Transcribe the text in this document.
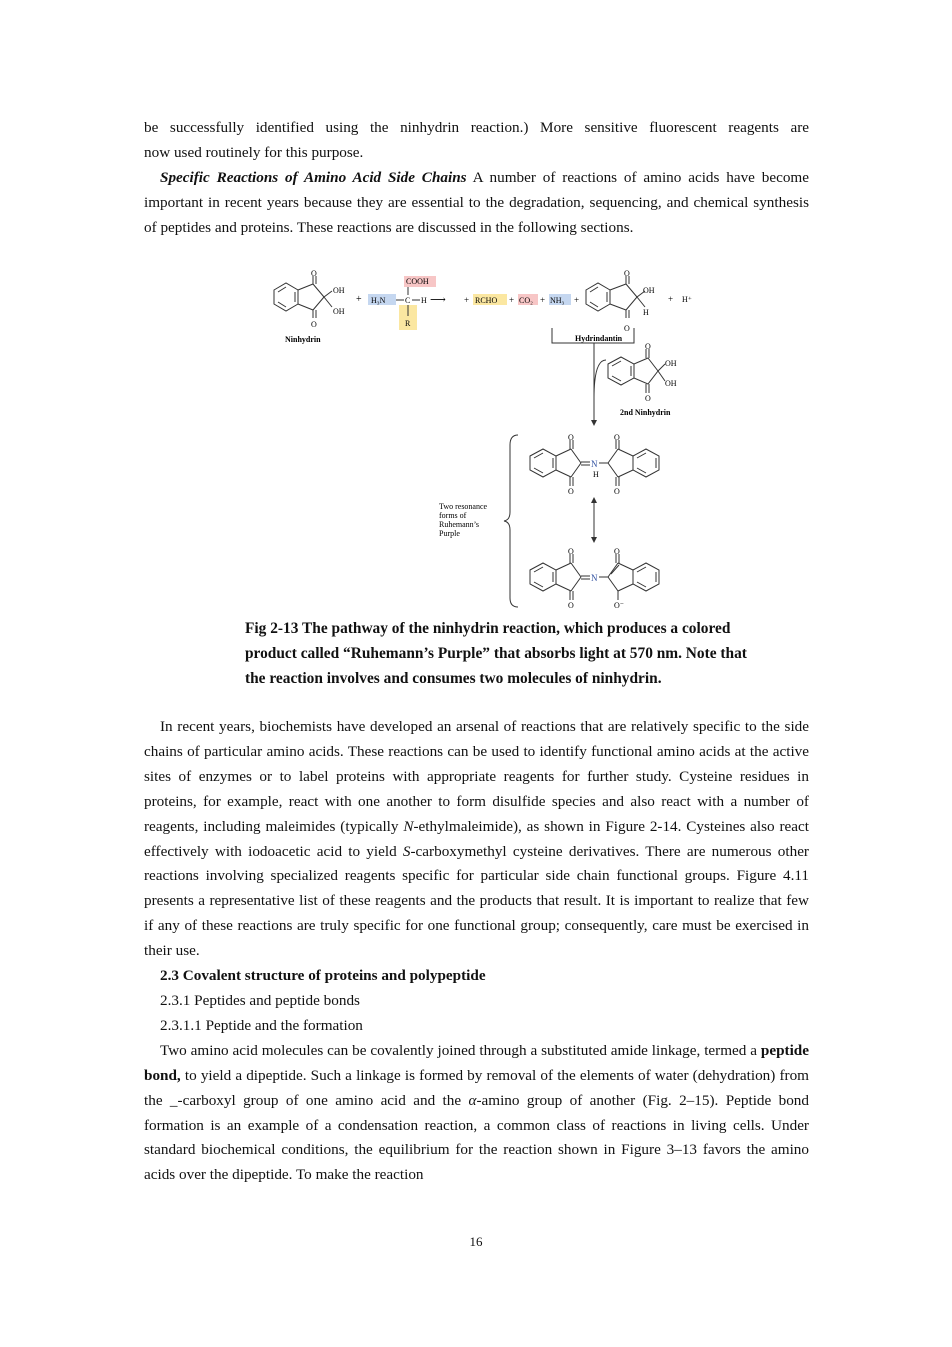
be successfully identified using the ninhydrin reaction.) More sensitive fluorescent reagents are
now used routinely for this purpose.

Specific Reactions of Amino Acid Side Chains A number of reactions of amino acids have become important in recent years because they are essential to the degradation, sequencing, and chemical synthesis of peptides and proteins. These reactions are discussed in the following sections.

O
O
OH
OH
Ninhydrin
+
COOH
H₃N C H
R
⟶ + RCHO + CO₂ + NH₃ +
O
O
OH
H
+ H⁺
Hydrindantin
O
O
OH
OH
2nd Ninhydrin
Two resonance forms of Ruhemann’s Purple
O
O
O
O
N
H
O
O
O
O⁻
N
Fig 2-13 The pathway of the ninhydrin reaction, which produces a colored
product called “Ruhemann’s Purple” that absorbs light at 570 nm. Note that
the reaction involves and consumes two molecules of ninhydrin.

In recent years, biochemists have developed an arsenal of reactions that are relatively specific to the side chains of particular amino acids. These reactions can be used to identify functional amino acids at the active sites of enzymes or to label proteins with appropriate reagents for further study. Cysteine residues in proteins, for example, react with one another to form disulfide species and also react with a number of reagents, including maleimides (typically N-ethylmaleimide), as shown in Figure 2-14. Cysteines also react effectively with iodoacetic acid to yield S-carboxymethyl cysteine derivatives. There are numerous other reactions involving specialized reagents specific for particular side chain functional groups. Figure 4.11 presents a representative list of these reagents and the products that result. It is important to realize that few if any of these reactions are truly specific for one functional group; consequently, care must be exercised in their use.

2.3 Covalent structure of proteins and polypeptide

2.3.1 Peptides and peptide bonds

2.3.1.1 Peptide and the formation

Two amino acid molecules can be covalently joined through a substituted amide linkage, termed a peptide bond, to yield a dipeptide. Such a linkage is formed by removal of the elements of water (dehydration) from the _-carboxyl group of one amino acid and the α-amino group of another (Fig. 2–15). Peptide bond formation is an example of a condensation reaction, a common class of reactions in living cells. Under standard biochemical conditions, the equilibrium for the reaction shown in Figure 3–13 favors the amino acids over the dipeptide. To make the reaction

16
